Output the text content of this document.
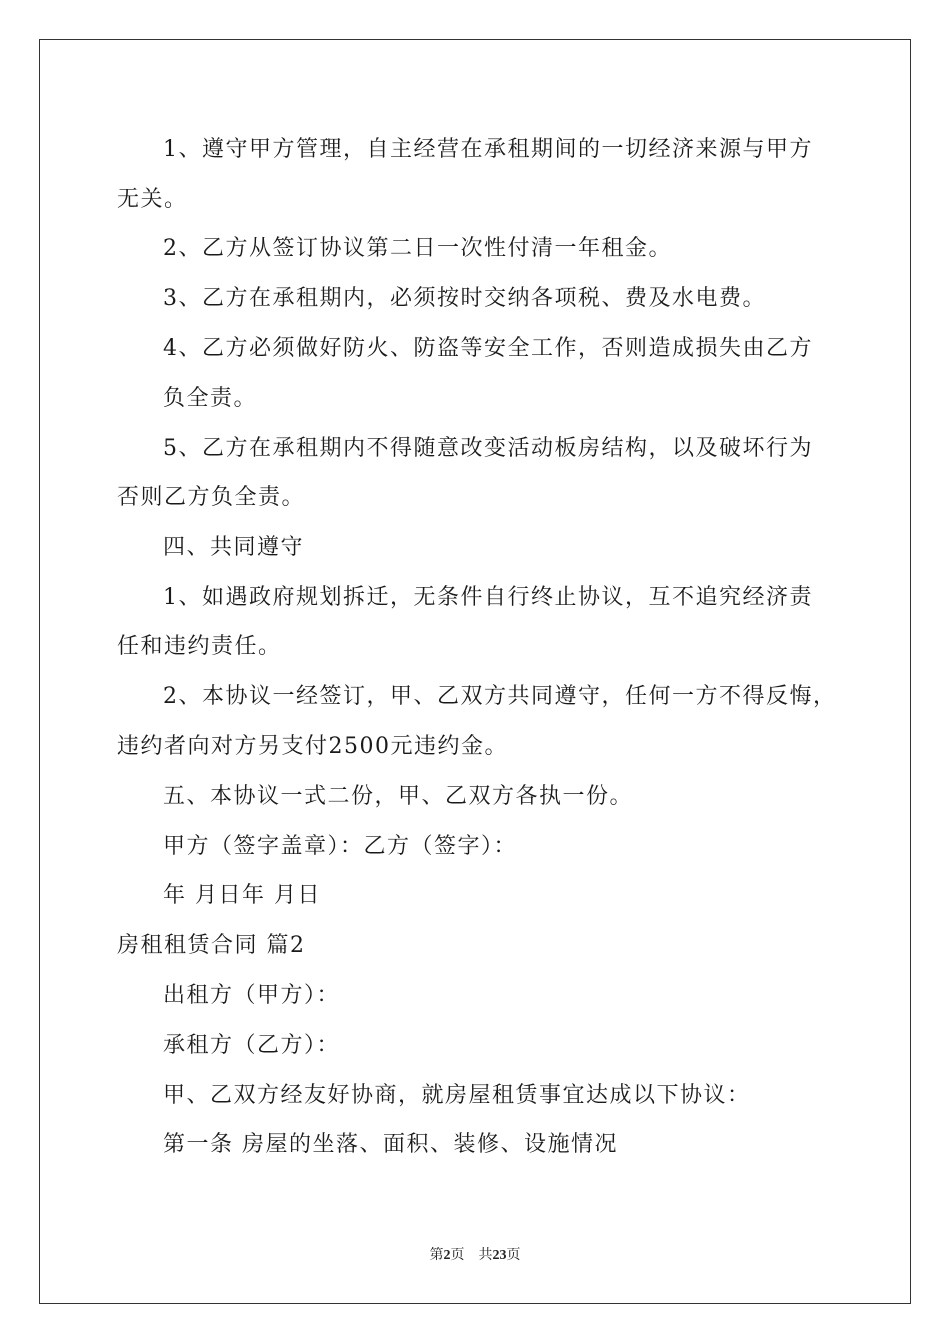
1、遵守甲方管理，自主经营在承租期间的一切经济来源与甲方
无关。
2、乙方从签订协议第二日一次性付清一年租金。
3、乙方在承租期内，必须按时交纳各项税、费及水电费。
4、乙方必须做好防火、防盗等安全工作，否则造成损失由乙方
负全责。
5、乙方在承租期内不得随意改变活动板房结构，以及破坏行为
否则乙方负全责。
四、共同遵守
1、如遇政府规划拆迁，无条件自行终止协议，互不追究经济责
任和违约责任。
2、本协议一经签订，甲、乙双方共同遵守，任何一方不得反悔，
违约者向对方另支付2500元违约金。
五、本协议一式二份，甲、乙双方各执一份。
甲方（签字盖章）：乙方（签字）：
年 月日年 月日
房租租赁合同 篇2
出租方（甲方）：
承租方（乙方）：
甲、乙双方经友好协商，就房屋租赁事宜达成以下协议：
第一条 房屋的坐落、面积、装修、设施情况
第2页 共23页
